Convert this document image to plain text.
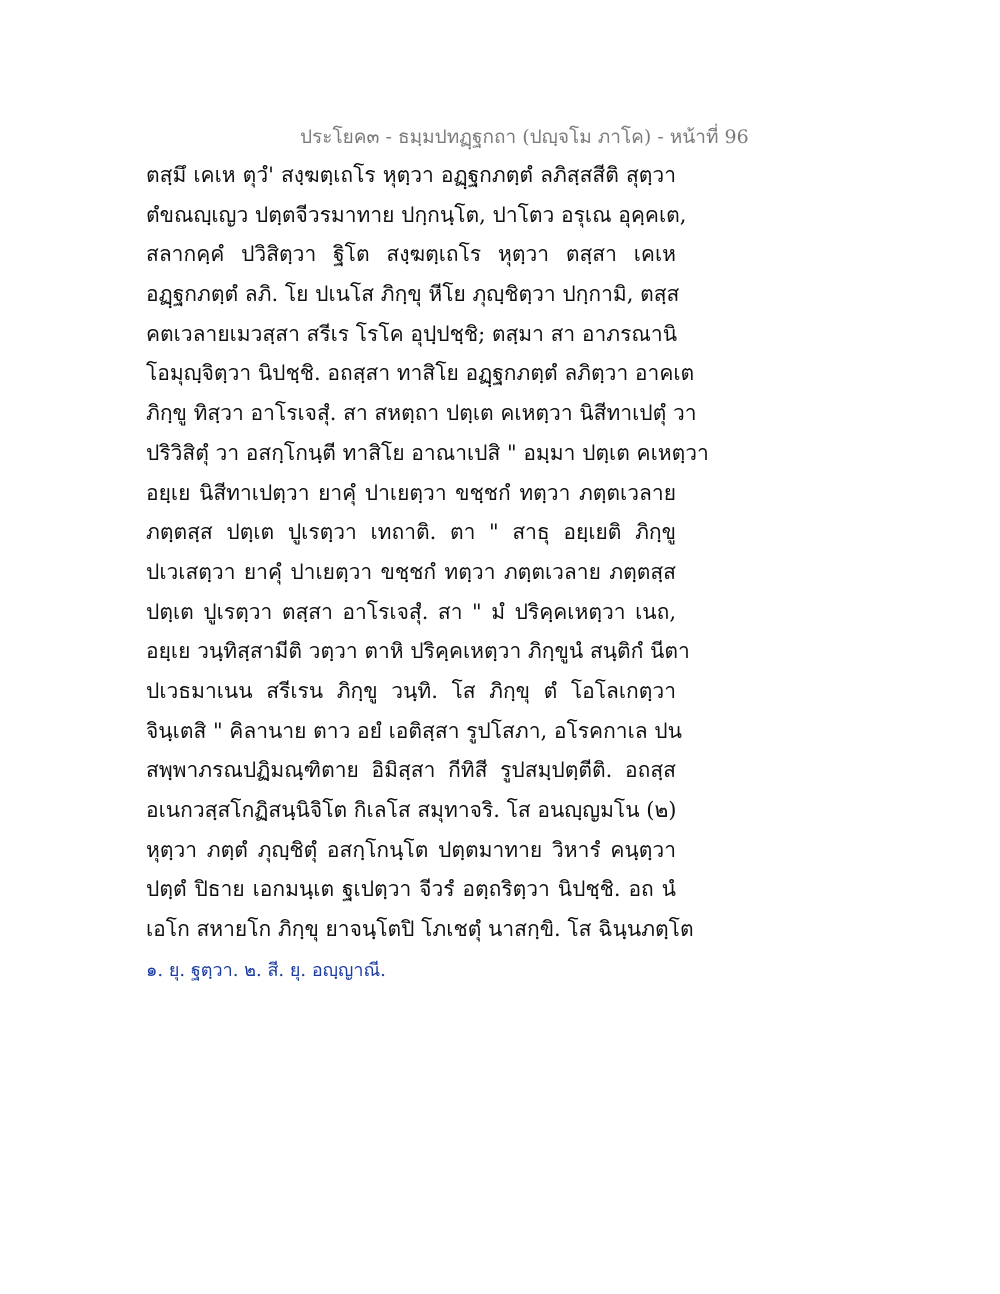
ประโยค๓ - ธมฺมปทฏฺฐกถา (ปญฺจโม ภาโค) - หน้าที่ 96
ตสฺมึ เคเห ตุวํ' สงฺฆตฺเถโร หุตฺวา อฏฺฐกภตฺตํ ลภิสฺสสีติ สุตฺวา
ตํขณญฺเญว ปตฺตจีวรมาทาย ปกฺกนฺโต, ปาโตว อรุเณ อุคฺคเต,
สลากคฺคํ ปวิสิตฺวา ฐิโต สงฺฆตฺเถโร หุตฺวา ตสฺสา เคเห
อฏฺฐกภตฺตํ ลภิ. โย ปเนโส ภิกฺขุ หีโย ภุญฺชิตฺวา ปกฺกามิ, ตสฺส
คตเวลายเมวสฺสา สรีเร โรโค อุปฺปชฺชิ; ตสฺมา สา อาภรณานิ
โอมุญฺจิตฺวา นิปชฺชิ. อถสฺสา ทาสิโย อฏฺฐกภตฺตํ ลภิตฺวา อาคเต
ภิกฺขู ทิสฺวา อาโรเจสุํ. สา สหตฺถา ปตฺเต คเหตฺวา นิสีทาเปตุํ วา
ปริวิสิตุํ วา อสกฺโกนฺตี ทาสิโย อาณาเปสิ " อมฺมา ปตฺเต คเหตฺวา
อยฺเย นิสีทาเปตฺวา ยาคุํ ปาเยตฺวา ขชฺชกํ ทตฺวา ภตฺตเวลาย
ภตฺตสฺส ปตฺเต ปูเรตฺวา เทถาติ. ตา " สาธุ อยฺเยติ ภิกฺขู
ปเวเสตฺวา ยาคุํ ปาเยตฺวา ขชฺชกํ ทตฺวา ภตฺตเวลาย ภตฺตสฺส
ปตฺเต ปูเรตฺวา ตสฺสา อาโรเจสุํ. สา " มํ ปริคฺคเหตฺวา เนถ,
อยฺเย วนฺทิสฺสามีติ วตฺวา ตาหิ ปริคฺคเหตฺวา ภิกฺขูนํ สนฺติกํ นีตา
ปเวธมาเนน สรีเรน ภิกฺขู วนฺทิ. โส ภิกฺขุ ตํ โอโลเกตฺวา
จินฺเตสิ " คิลานาย ตาว อยํ เอติสฺสา รูปโสภา, อโรคกาเล ปน
สพฺพาภรณปฏิมณฺฑิตาย อิมิสฺสา กีทิสี รูปสมฺปตฺตีติ. อถสฺส
อเนกวสฺสโกฏิสนฺนิจิโต กิเลโส สมุทาจริ. โส อนญฺญมโน (๒)
หุตฺวา ภตฺตํ ภุญฺชิตุํ อสกฺโกนฺโต ปตฺตมาทาย วิหารํ คนฺตฺวา
ปตฺตํ ปิธาย เอกมนฺเต ฐเปตฺวา จีวรํ อตฺถริตฺวา นิปชฺชิ. อถ นํ
เอโก สหายโก ภิกฺขุ ยาจนฺโตปิ โภเชตุํ นาสกฺขิ. โส ฉินฺนภตฺโต
๑. ยุ. ฐตฺวา. ๒. สี. ยุ. อญฺญาณี.
